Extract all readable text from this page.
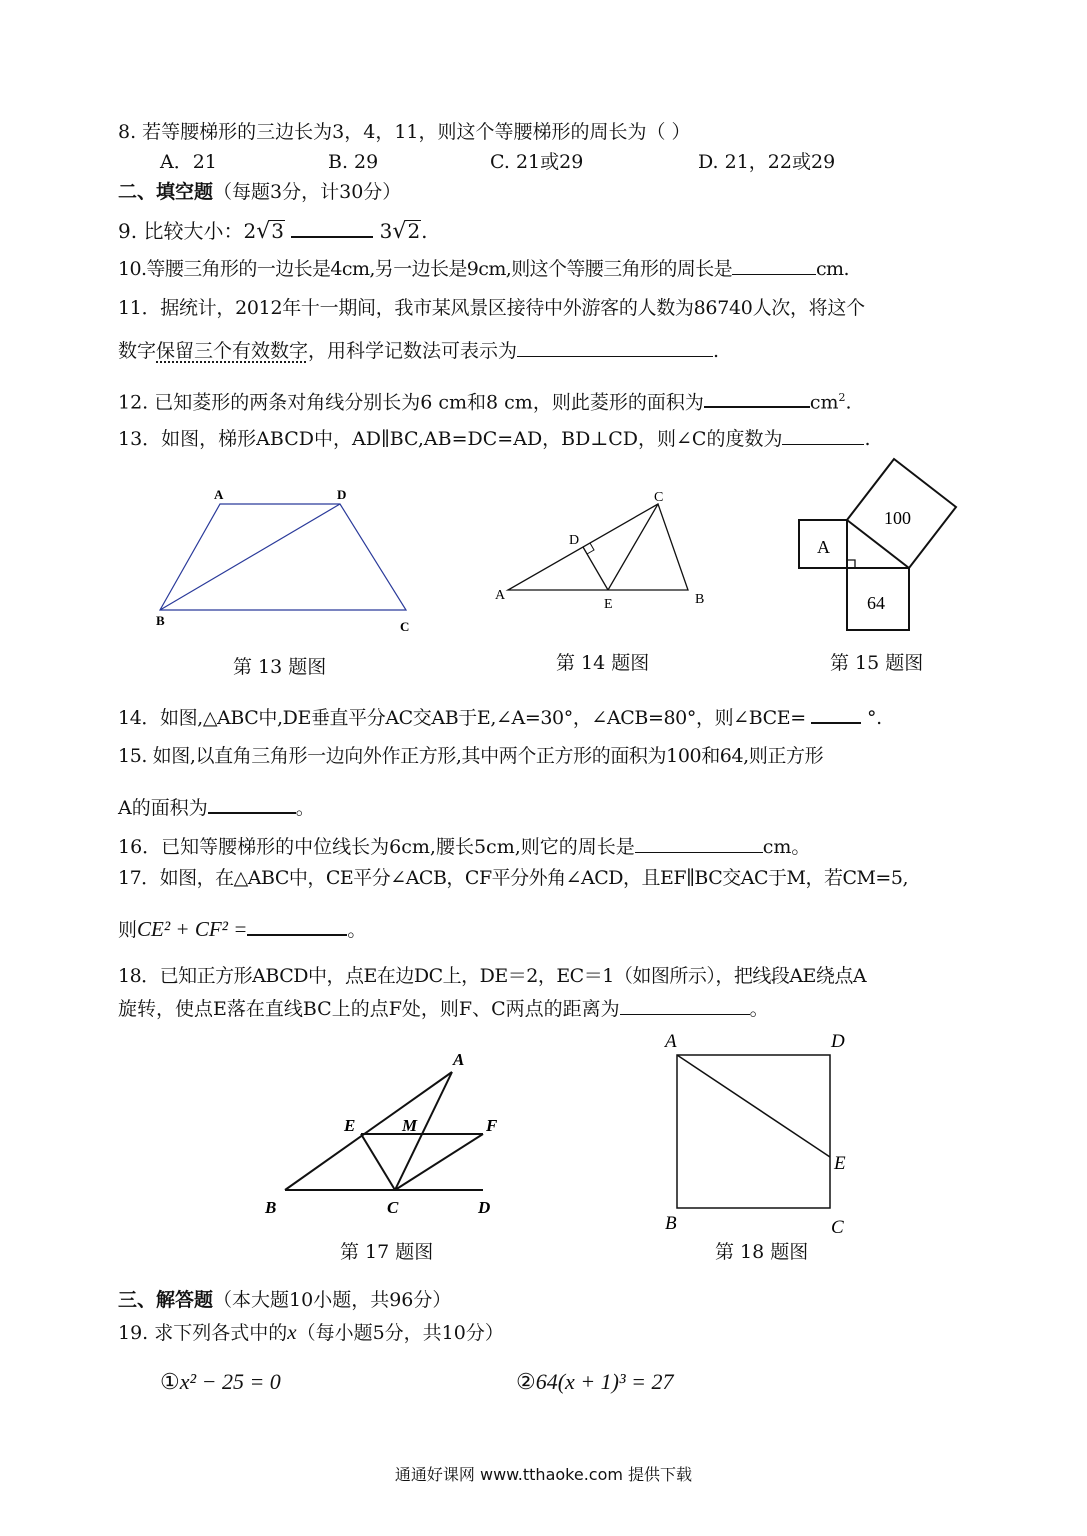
8. 若等腰梯形的三边长为3，4，11，则这个等腰梯形的周长为（ ）
A．21	B. 29	C. 21或29	D. 21，22或29
二、填空题（每题3分，计30分）
9. 比较大小：2√3	3√2.
10.等腰三角形的一边长是4cm,另一边长是9cm,则这个等腰三角形的周长是	cm.
11．据统计，2012年十一期间，我市某风景区接待中外游客的人数为86740人次，将这个
数字保留三个有效数字，用科学记数法可表示为	.
12. 已知菱形的两条对角线分别长为6 cm和8 cm，则此菱形的面积为	$cm^2$.
13．如图，梯形ABCD中，AD∥BC,AB=DC=AD，BD⊥CD，则∠C的度数为	.
A	D
B	C
第 13 题图
A	B
C
D
E
第 14 题图
A
100
64
第 15 题图
14．如图,△ABC中,DE垂直平分AC交AB于E,∠A=30°，∠ACB=80°，则∠BCE=	°.
15. 如图,以直角三角形一边向外作正方形,其中两个正方形的面积为100和64,则正方形
A的面积为	。
16．已知等腰梯形的中位线长为6cm,腰长5cm,则它的周长是	cm。
17．如图，在△ABC中，CE平分∠ACB，CF平分外角∠ACD，且EF∥BC交AC于M，若CM=5,
则CE² + CF² =	。
18．已知正方形ABCD中，点E在边DC上，DE＝2，EC＝1（如图所示），把线段AE绕点A
旋转，使点E落在直线BC上的点F处，则F、C两点的距离为	。
A
E	M	F
B	C	D
第 17 题图
A	D
E
B	C
第 18 题图
三、解答题（本大题10小题，共96分）
19. 求下列各式中的x（每小题5分，共10分）
①x² − 25 = 0	②64(x + 1)³ = 27
通通好课网 www.tthaoke.com 提供下载
